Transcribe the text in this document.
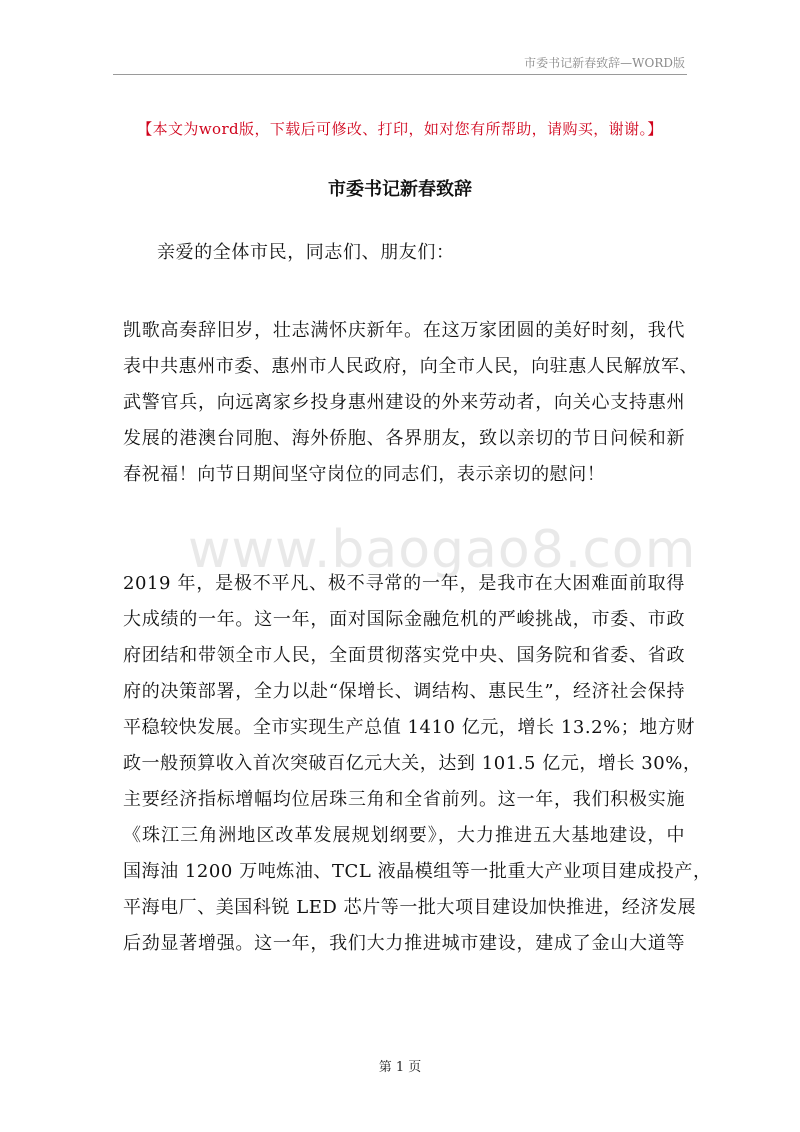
市委书记新春致辞—WORD版
【本文为word版，下载后可修改、打印，如对您有所帮助，请购买，谢谢。】
市委书记新春致辞
亲爱的全体市民，同志们、朋友们：
www.baogao8.com

凯歌高奏辞旧岁，壮志满怀庆新年。在这万家团圆的美好时刻，我代
表中共惠州市委、惠州市人民政府，向全市人民，向驻惠人民解放军、
武警官兵，向远离家乡投身惠州建设的外来劳动者，向关心支持惠州
发展的港澳台同胞、海外侨胞、各界朋友，致以亲切的节日问候和新
春祝福！向节日期间坚守岗位的同志们，表示亲切的慰问！

2019 年，是极不平凡、极不寻常的一年，是我市在大困难面前取得
大成绩的一年。这一年，面对国际金融危机的严峻挑战，市委、市政
府团结和带领全市人民，全面贯彻落实党中央、国务院和省委、省政
府的决策部署，全力以赴“保增长、调结构、惠民生”，经济社会保持
平稳较快发展。全市实现生产总值 1410 亿元，增长 13.2%；地方财
政一般预算收入首次突破百亿元大关，达到 101.5 亿元，增长 30%，
主要经济指标增幅均位居珠三角和全省前列。这一年，我们积极实施
《珠江三角洲地区改革发展规划纲要》，大力推进五大基地建设，中
国海油 1200 万吨炼油、TCL 液晶模组等一批重大产业项目建成投产，
平海电厂、美国科锐 LED 芯片等一批大项目建设加快推进，经济发展
后劲显著增强。这一年，我们大力推进城市建设，建成了金山大道等

第 1 页
